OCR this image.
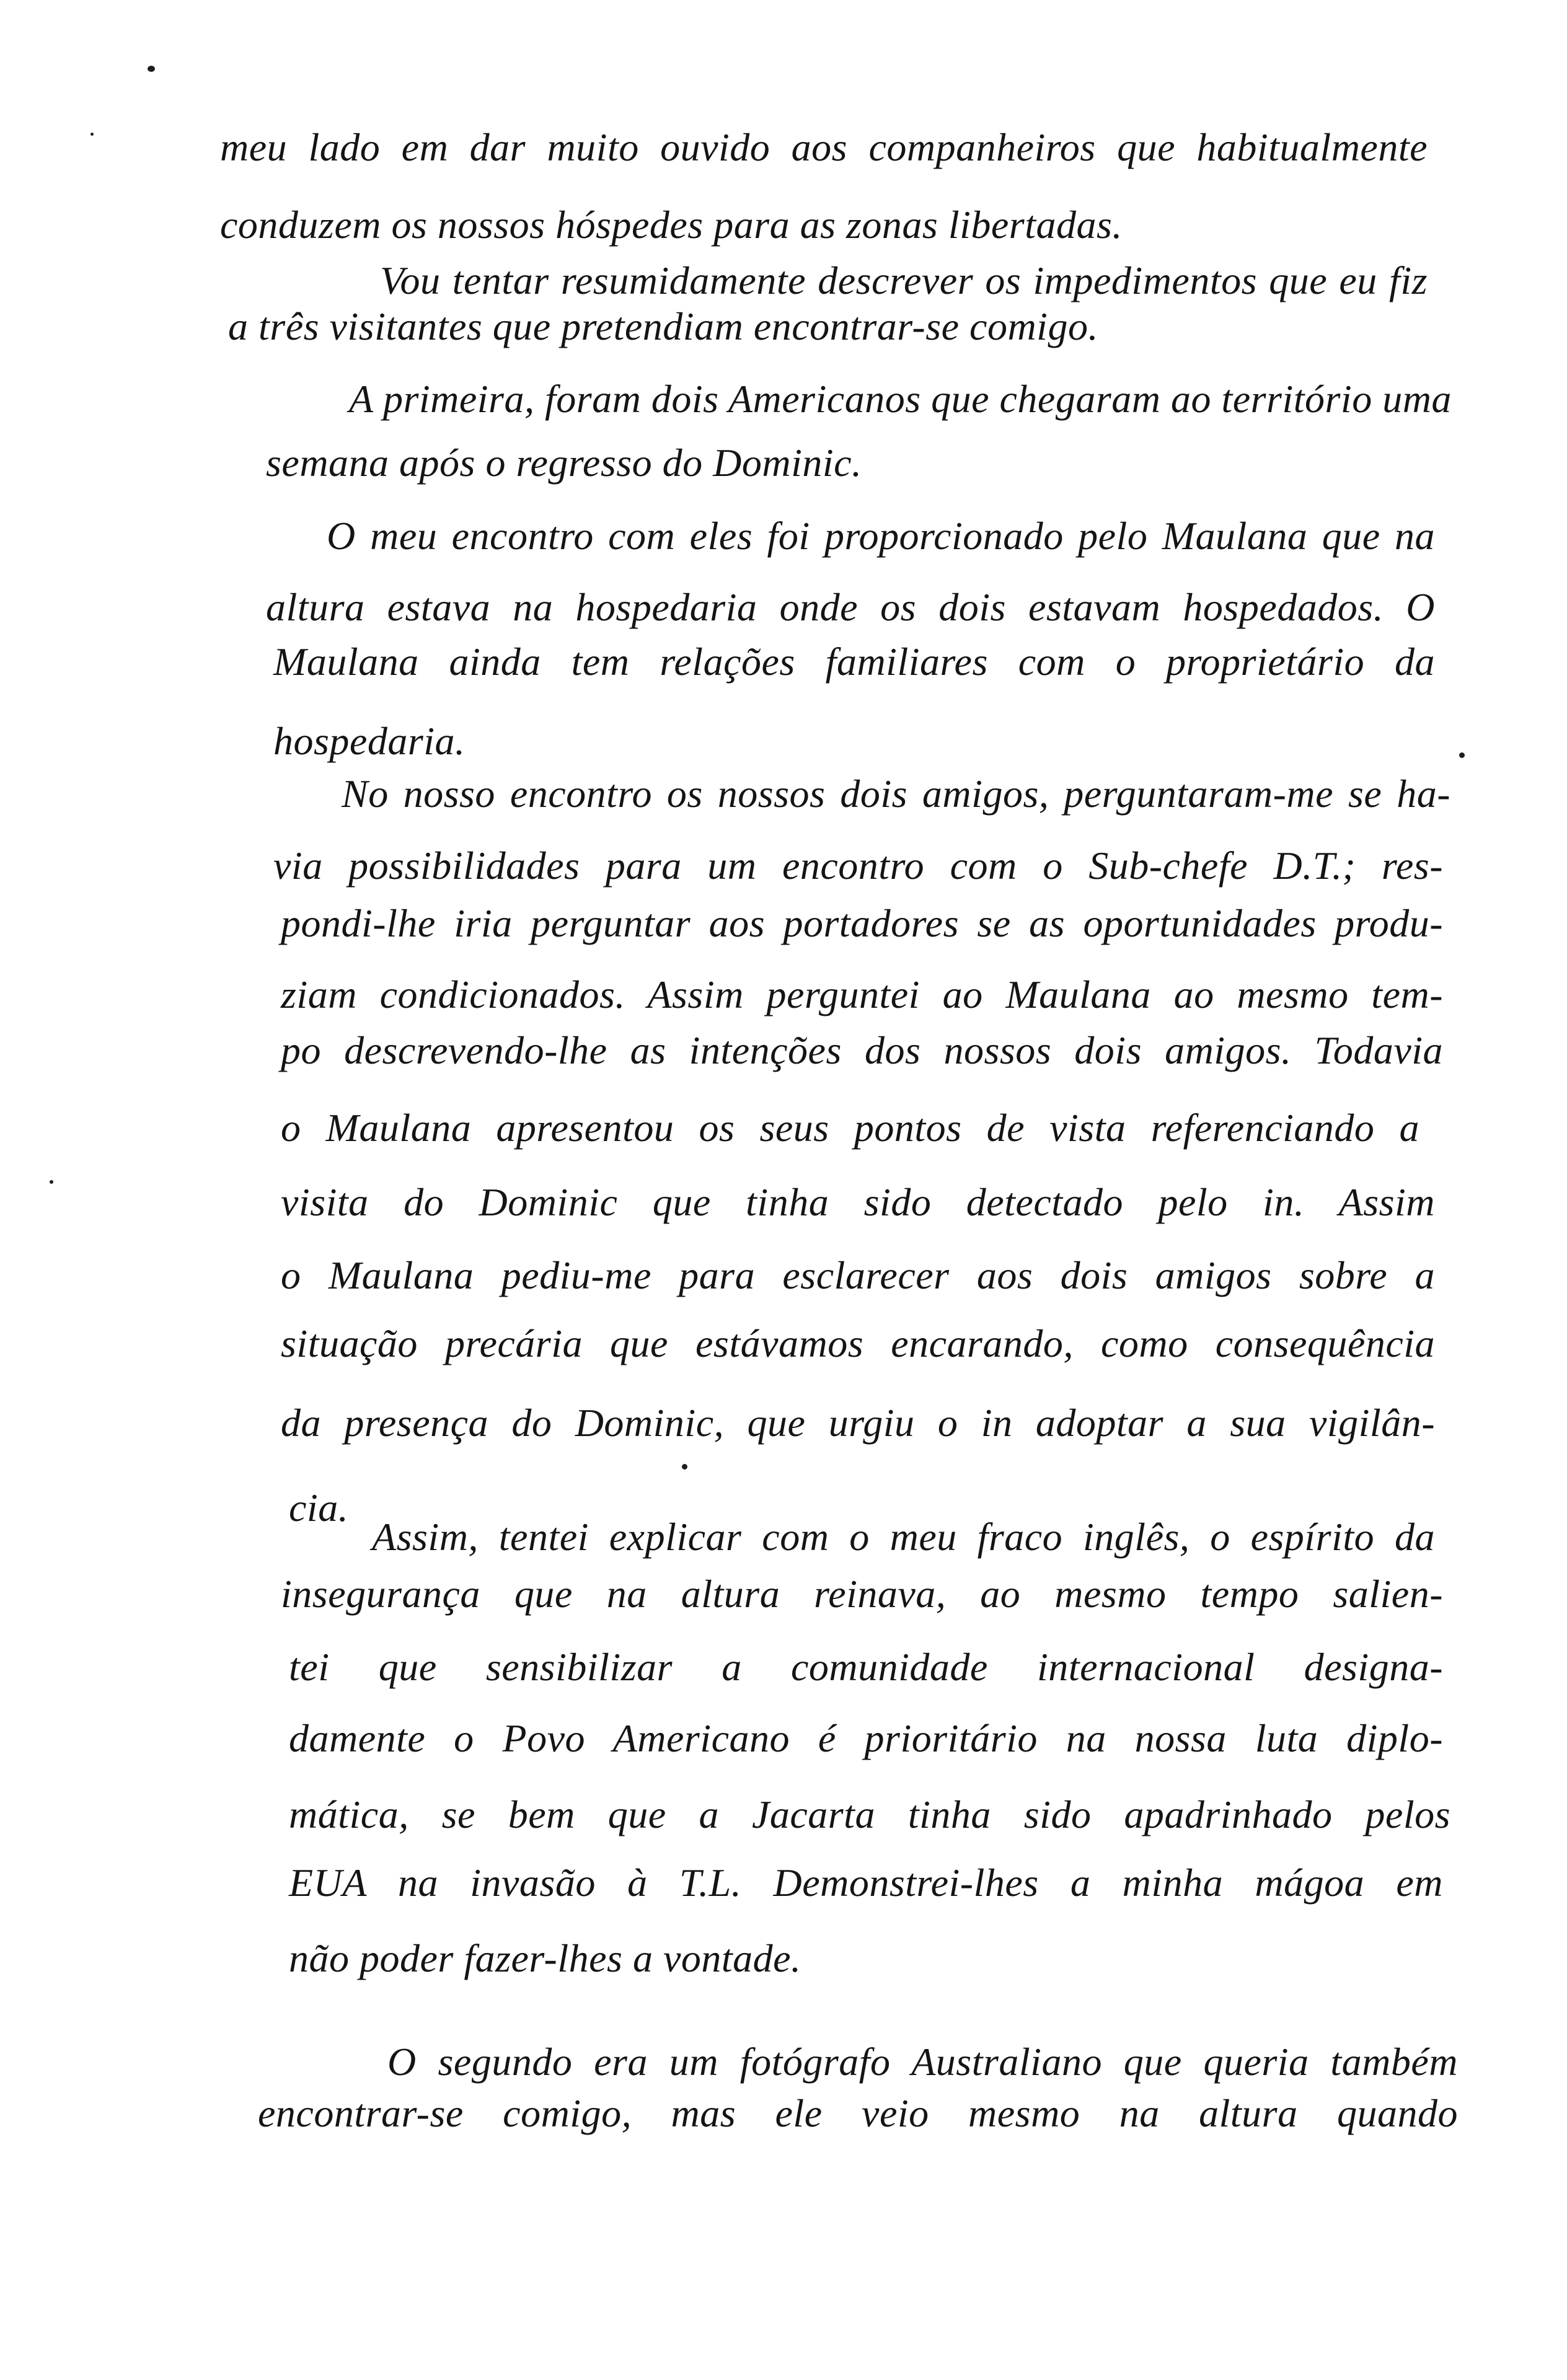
meu lado em dar muito ouvido aos companheiros que habitualmente
conduzem os nossos hóspedes para as zonas libertadas.
Vou tentar resumidamente descrever os impedimentos que eu fiz
a três visitantes que pretendiam encontrar-se comigo.
A primeira, foram dois Americanos que chegaram ao território uma
semana após o regresso do Dominic.
O meu encontro com eles foi proporcionado pelo Maulana que na
altura estava na hospedaria onde os dois estavam hospedados. O
Maulana ainda tem relações familiares com o proprietário da
hospedaria.
No nosso encontro os nossos dois amigos, perguntaram-me se ha-
via possibilidades para um encontro com o Sub-chefe D.T.; res-
pondi-lhe iria perguntar aos portadores se as oportunidades produ-
ziam condicionados. Assim perguntei ao Maulana ao mesmo tem-
po descrevendo-lhe as intenções dos nossos dois amigos. Todavia
o Maulana apresentou os seus pontos de vista referenciando a
visita do Dominic que tinha sido detectado pelo in. Assim
o Maulana pediu-me para esclarecer aos dois amigos sobre a
situação precária que estávamos encarando, como consequência
da presença do Dominic, que urgiu o in adoptar a sua vigilân-
cia.
Assim, tentei explicar com o meu fraco inglês, o espírito da
insegurança que na altura reinava, ao mesmo tempo salien-
tei que sensibilizar a comunidade internacional designa-
damente o Povo Americano é prioritário na nossa luta diplo-
mática, se bem que a Jacarta tinha sido apadrinhado pelos
EUA na invasão à T.L. Demonstrei-lhes a minha mágoa em
não poder fazer-lhes a vontade.
O segundo era um fotógrafo Australiano que queria também
encontrar-se comigo, mas ele veio mesmo na altura quando
